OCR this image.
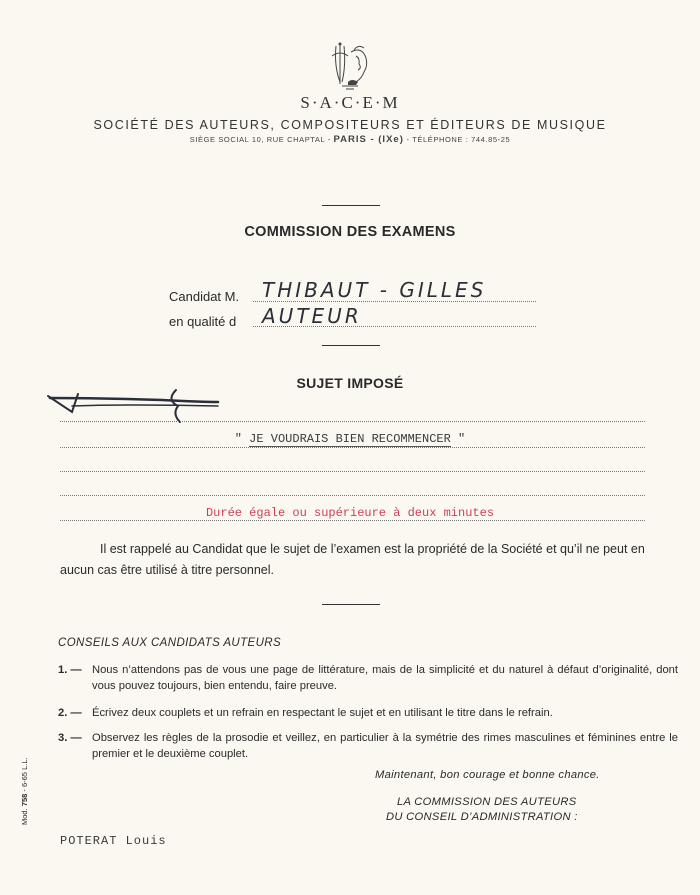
S·A·C·E·M
SOCIÉTÉ DES AUTEURS, COMPOSITEURS ET ÉDITEURS DE MUSIQUE
SIÈGE SOCIAL 10, RUE CHAPTAL - PARIS - (IXe) - TÉLÉPHONE : 744.85-25
COMMISSION DES EXAMENS
Candidat M. THIBAUT - GILLES
en qualité d AUTEUR
SUJET IMPOSÉ
" JE VOUDRAIS BIEN RECOMMENCER "
Durée égale ou supérieure à deux minutes
Il est rappelé au Candidat que le sujet de l’examen est la propriété de la Société et qu’il ne peut en aucun cas être utilisé à titre personnel.
CONSEILS AUX CANDIDATS AUTEURS
1. — Nous n’attendons pas de vous une page de littérature, mais de la simplicité et du naturel à défaut d’originalité, dont vous pouvez toujours, bien entendu, faire preuve.
2. — Écrivez deux couplets et un refrain en respectant le sujet et en utilisant le titre dans le refrain.
3. — Observez les règles de la prosodie et veillez, en particulier à la symétrie des rimes masculines et féminines entre le premier et le deuxième couplet.
Maintenant, bon courage et bonne chance.
LA COMMISSION DES AUTEURS
DU CONSEIL D’ADMINISTRATION :
Mod. 758 - 6-65 L.L.
POTERAT Louis
